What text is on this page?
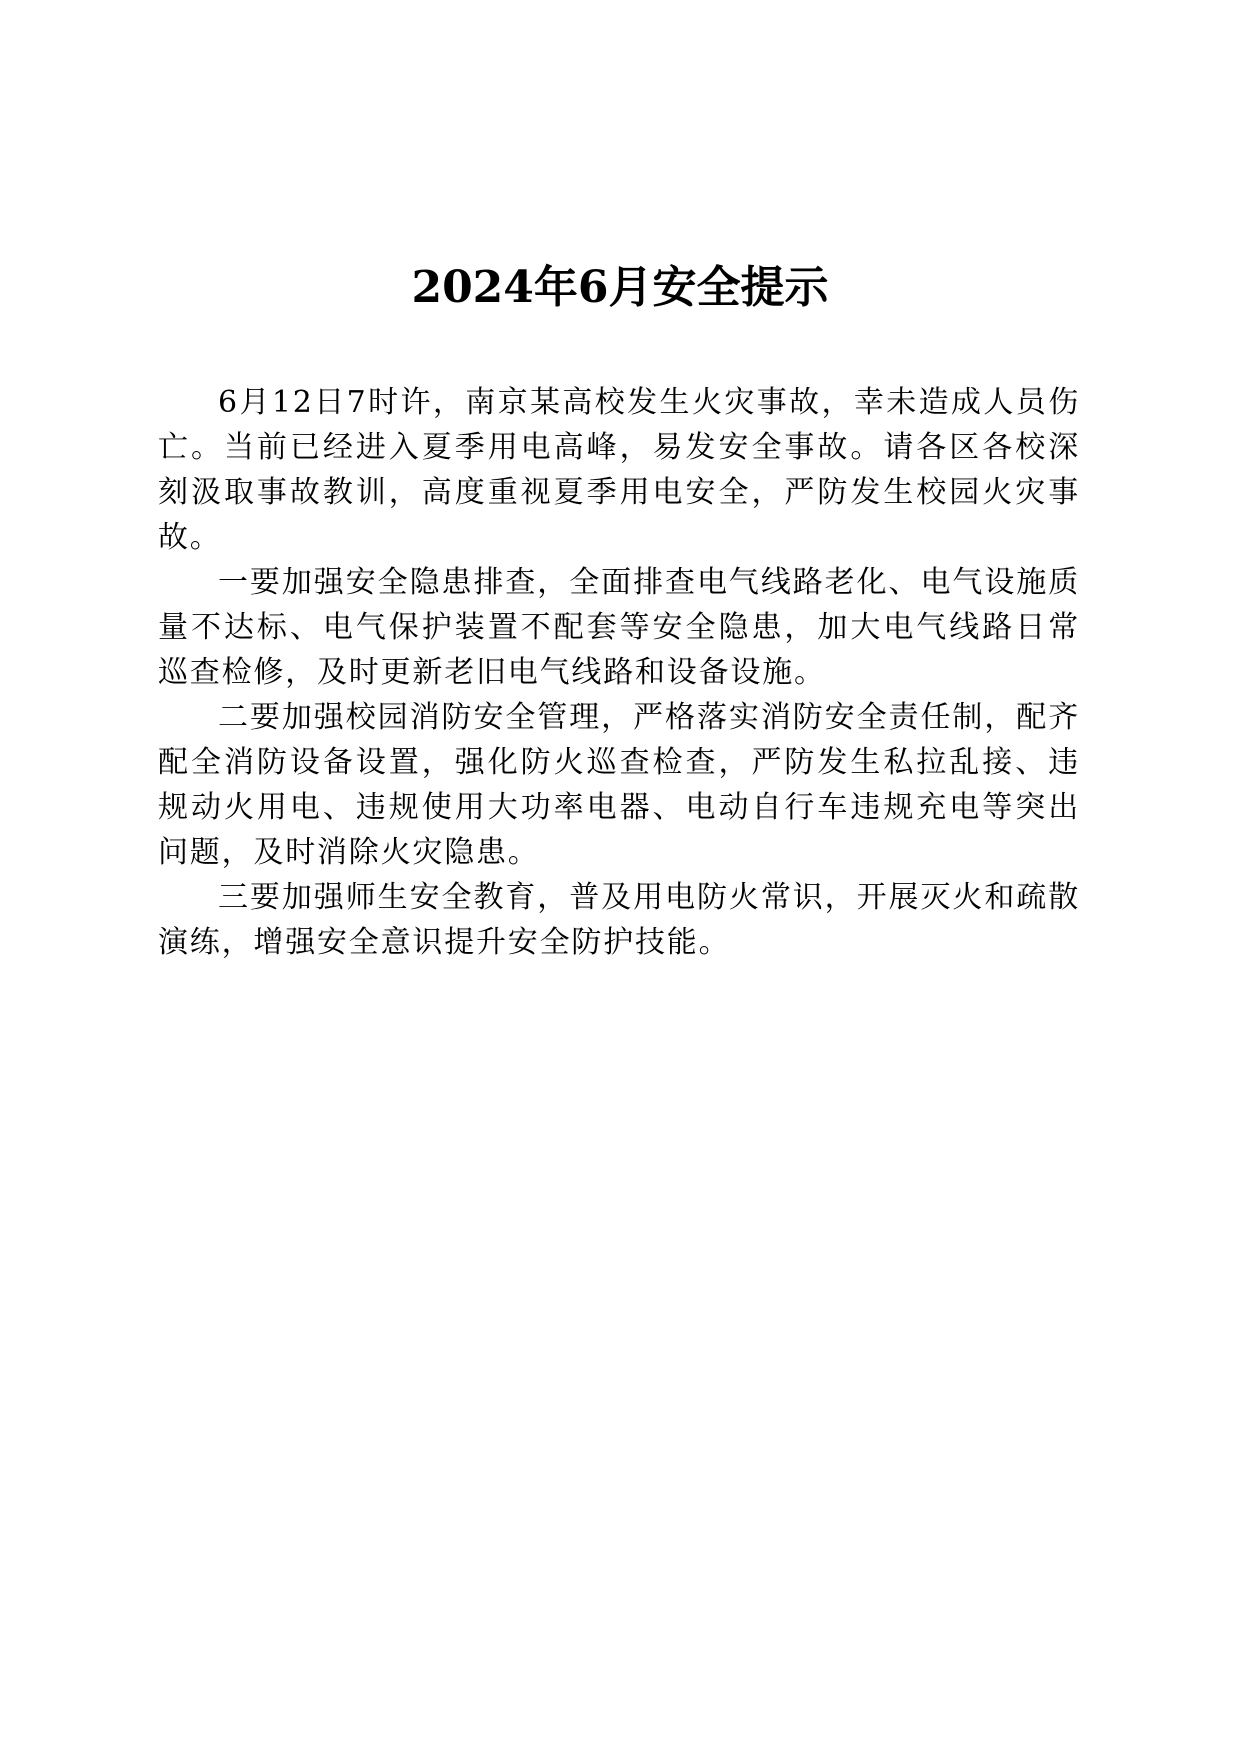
2024年6月安全提示

6月12日7时许，南京某高校发生火灾事故，幸未造成人员伤亡。当前已经进入夏季用电高峰，易发安全事故。请各区各校深刻汲取事故教训，高度重视夏季用电安全，严防发生校园火灾事故。

一要加强安全隐患排查，全面排查电气线路老化、电气设施质量不达标、电气保护装置不配套等安全隐患，加大电气线路日常巡查检修，及时更新老旧电气线路和设备设施。

二要加强校园消防安全管理，严格落实消防安全责任制，配齐配全消防设备设置，强化防火巡查检查，严防发生私拉乱接、违规动火用电、违规使用大功率电器、电动自行车违规充电等突出问题，及时消除火灾隐患。

三要加强师生安全教育，普及用电防火常识，开展灭火和疏散演练，增强安全意识提升安全防护技能。
